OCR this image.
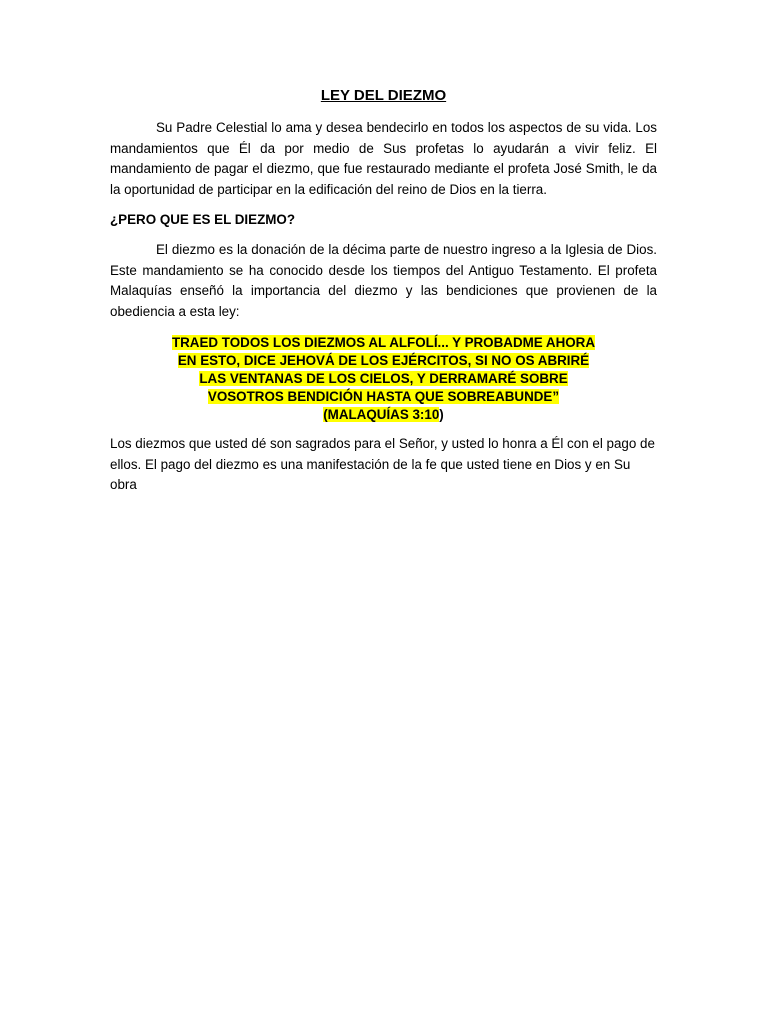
LEY DEL DIEZMO

Su Padre Celestial lo ama y desea bendecirlo en todos los aspectos de su vida. Los mandamientos que Él da por medio de Sus profetas lo ayudarán a vivir feliz. El mandamiento de pagar el diezmo, que fue restaurado mediante el profeta José Smith, le da la oportunidad de participar en la edificación del reino de Dios en la tierra.

¿PERO QUE ES EL DIEZMO?

El diezmo es la donación de la décima parte de nuestro ingreso a la Iglesia de Dios. Este mandamiento se ha conocido desde los tiempos del Antiguo Testamento. El profeta Malaquías enseñó la importancia del diezmo y las bendiciones que provienen de la obediencia a esta ley:

TRAED TODOS LOS DIEZMOS AL ALFOLÍ... Y PROBADME AHORA EN ESTO, DICE JEHOVÁ DE LOS EJÉRCITOS, SI NO OS ABRIRÉ LAS VENTANAS DE LOS CIELOS, Y DERRAMARÉ SOBRE VOSOTROS BENDICIÓN HASTA QUE SOBREABUNDE” (MALAQUÍAS 3:10)

Los diezmos que usted dé son sagrados para el Señor, y usted lo honra a Él con el pago de ellos. El pago del diezmo es una manifestación de la fe que usted tiene en Dios y en Su obra
